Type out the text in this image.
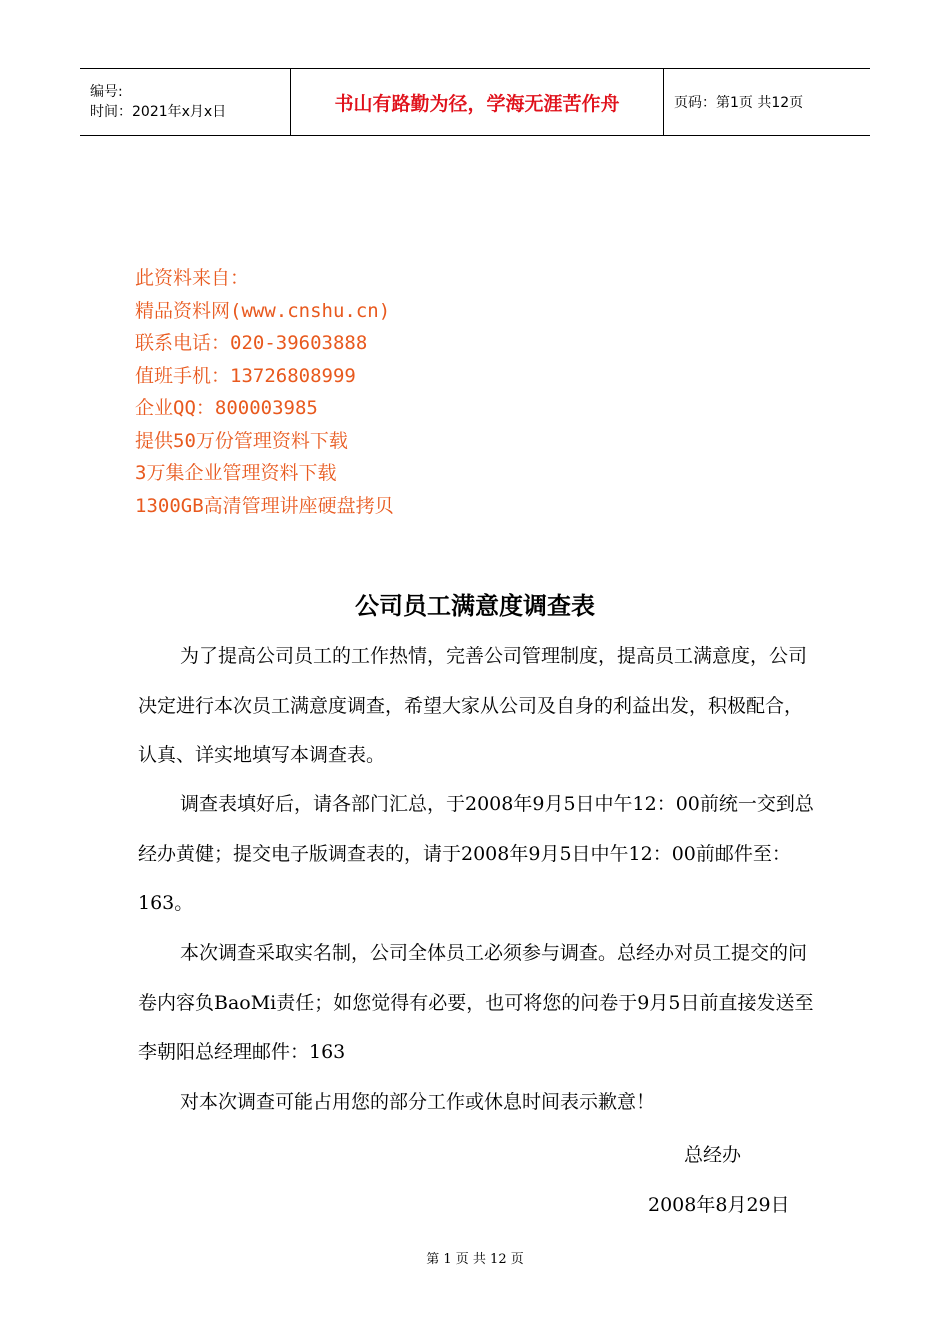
编号:
时间：2021年x月x日	书山有路勤为径，学海无涯苦作舟	页码：第1页 共12页
此资料来自：
精品资料网(www.cnshu.cn)
联系电话：020-39603888
值班手机：13726808999
企业QQ：800003985
提供50万份管理资料下载
3万集企业管理资料下载
1300GB高清管理讲座硬盘拷贝
公司员工满意度调查表

为了提高公司员工的工作热情，完善公司管理制度，提高员工满意度，公司决定进行本次员工满意度调查，希望大家从公司及自身的利益出发，积极配合，认真、详实地填写本调查表。

调查表填好后，请各部门汇总，于2008年9月5日中午12：00前统一交到总经办黄健；提交电子版调查表的，请于2008年9月5日中午12：00前邮件至：163。

本次调查采取实名制，公司全体员工必须参与调查。总经办对员工提交的问卷内容负BaoMi责任；如您觉得有必要，也可将您的问卷于9月5日前直接发送至李朝阳总经理邮件：163

对本次调查可能占用您的部分工作或休息时间表示歉意！

总经办
2008年8月29日
第 1 页 共 12 页
